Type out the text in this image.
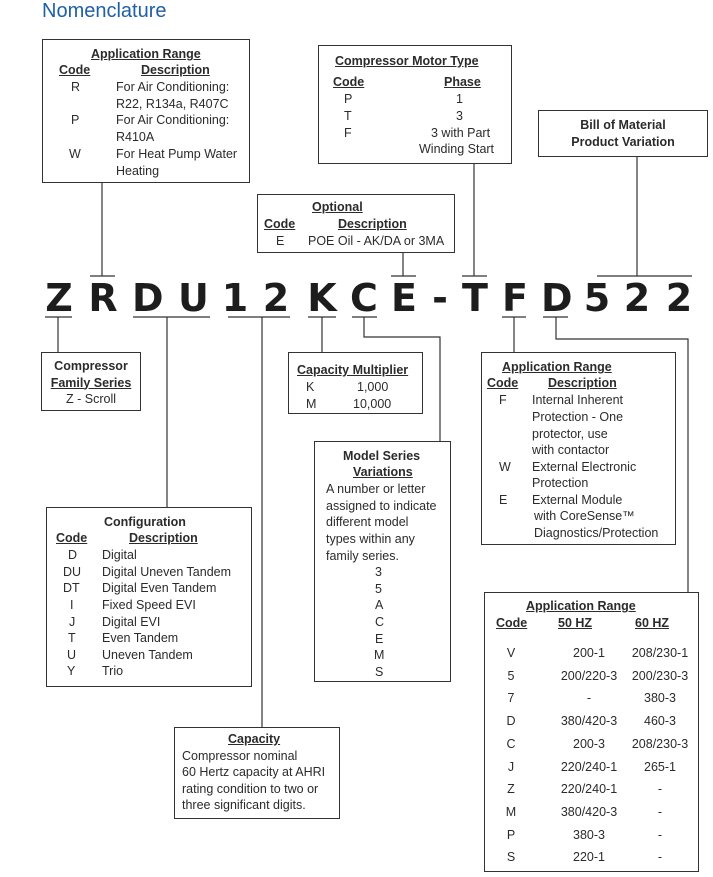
Nomenclature
Z R D U 1 2 K C E - T F D 5 2 2
Application Range
Code	Description
R	For Air Conditioning:
R22, R134a, R407C
P	For Air Conditioning:
R410A
W	For Heat Pump Water
Heating
Compressor Motor Type
Code	Phase
P	1
T	3
F	3 with Part
Winding Start
Bill of Material
Product Variation
Optional
Code	Description
E POE Oil - AK/DA or 3MA
Compressor
Family Series
Z - Scroll
Capacity Multiplier
K	1,000
M	10,000
Application Range
Code Description
F Internal Inherent
Protection - One
protector, use
with contactor
W External Electronic
Protection
E External Module
with CoreSense™
Diagnostics/Protection
Model Series
Variations
A number or letter
assigned to indicate
different model
types within any
family series.
3
5
A
C
E
M
S
Configuration
Code	Description
D Digital
DU Digital Uneven Tandem
DT Digital Even Tandem
I Fixed Speed EVI
J Digital EVI
T Even Tandem
U Uneven Tandem
Y Trio
Capacity
Compressor nominal
60 Hertz capacity at AHRI
rating condition to two or
three significant digits.
Application Range
Code 50 HZ	60 HZ
V	200-1	208/230-1
5	200/220-3	200/230-3
7	-	380-3
D	380/420-3	460-3
C	200-3	208/230-3
J	220/240-1	265-1
Z	220/240-1	-
M	380/420-3	-
P	380-3	-
S	220-1	-
